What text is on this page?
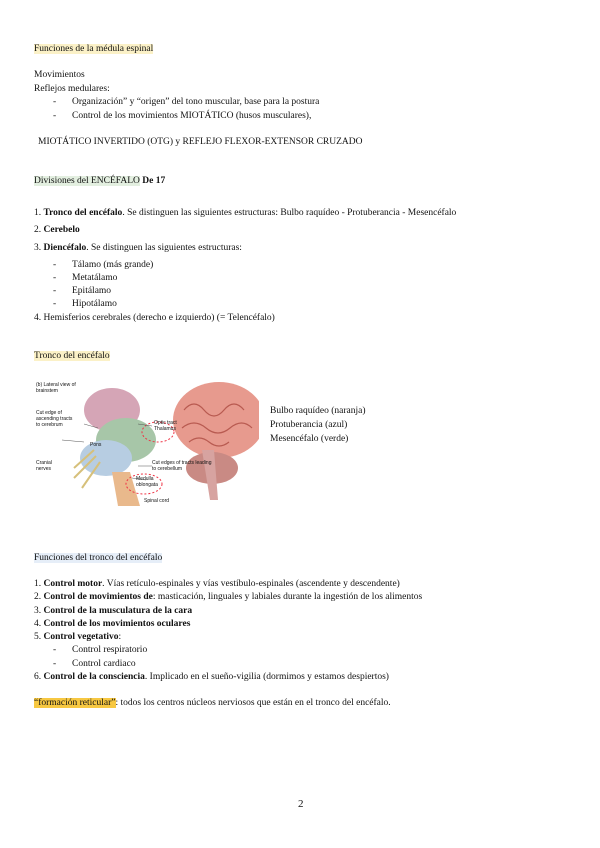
Funciones de la médula espinal
Movimientos
Reflejos medulares:
- Organización” y “origen” del tono muscular, base para la postura
- Control de los movimientos MIOTÁTICO (husos musculares),
MIOTÁTICO INVERTIDO (OTG) y REFLEJO FLEXOR-EXTENSOR CRUZADO
Divisiones del ENCÉFALO De 17
1. Tronco del encéfalo. Se distinguen las siguientes estructuras: Bulbo raquídeo - Protuberancia - Mesencéfalo
2. Cerebelo
3. Diencéfalo. Se distinguen las siguientes estructuras:
- Tálamo (más grande)
- Metatálamo
- Epitálamo
- Hipotálamo
4. Hemisferios cerebrales (derecho e izquierdo) (= Telencéfalo)
Tronco del encéfalo
(b) Lateral view of brainstem
Cut edge of ascending tracts to cerebrum	Optic tract
Thalamus
Pons
Cut edges of tracts leading to cerebellum
Cranial nerves
Medulla oblongata
Spinal cord
Bulbo raquídeo (naranja)
Protuberancia (azul)
Mesencéfalo (verde)
Funciones del tronco del encéfalo
1. Control motor. Vías retículo-espinales y vías vestíbulo-espinales (ascendente y descendente)
2. Control de movimientos de: masticación, linguales y labiales durante la ingestión de los alimentos
3. Control de la musculatura de la cara
4. Control de los movimientos oculares
5. Control vegetativo:
- Control respiratorio
- Control cardiaco
6. Control de la consciencia. Implicado en el sueño-vigilia (dormimos y estamos despiertos)
“formación reticular”: todos los centros núcleos nerviosos que están en el tronco del encéfalo.
2
